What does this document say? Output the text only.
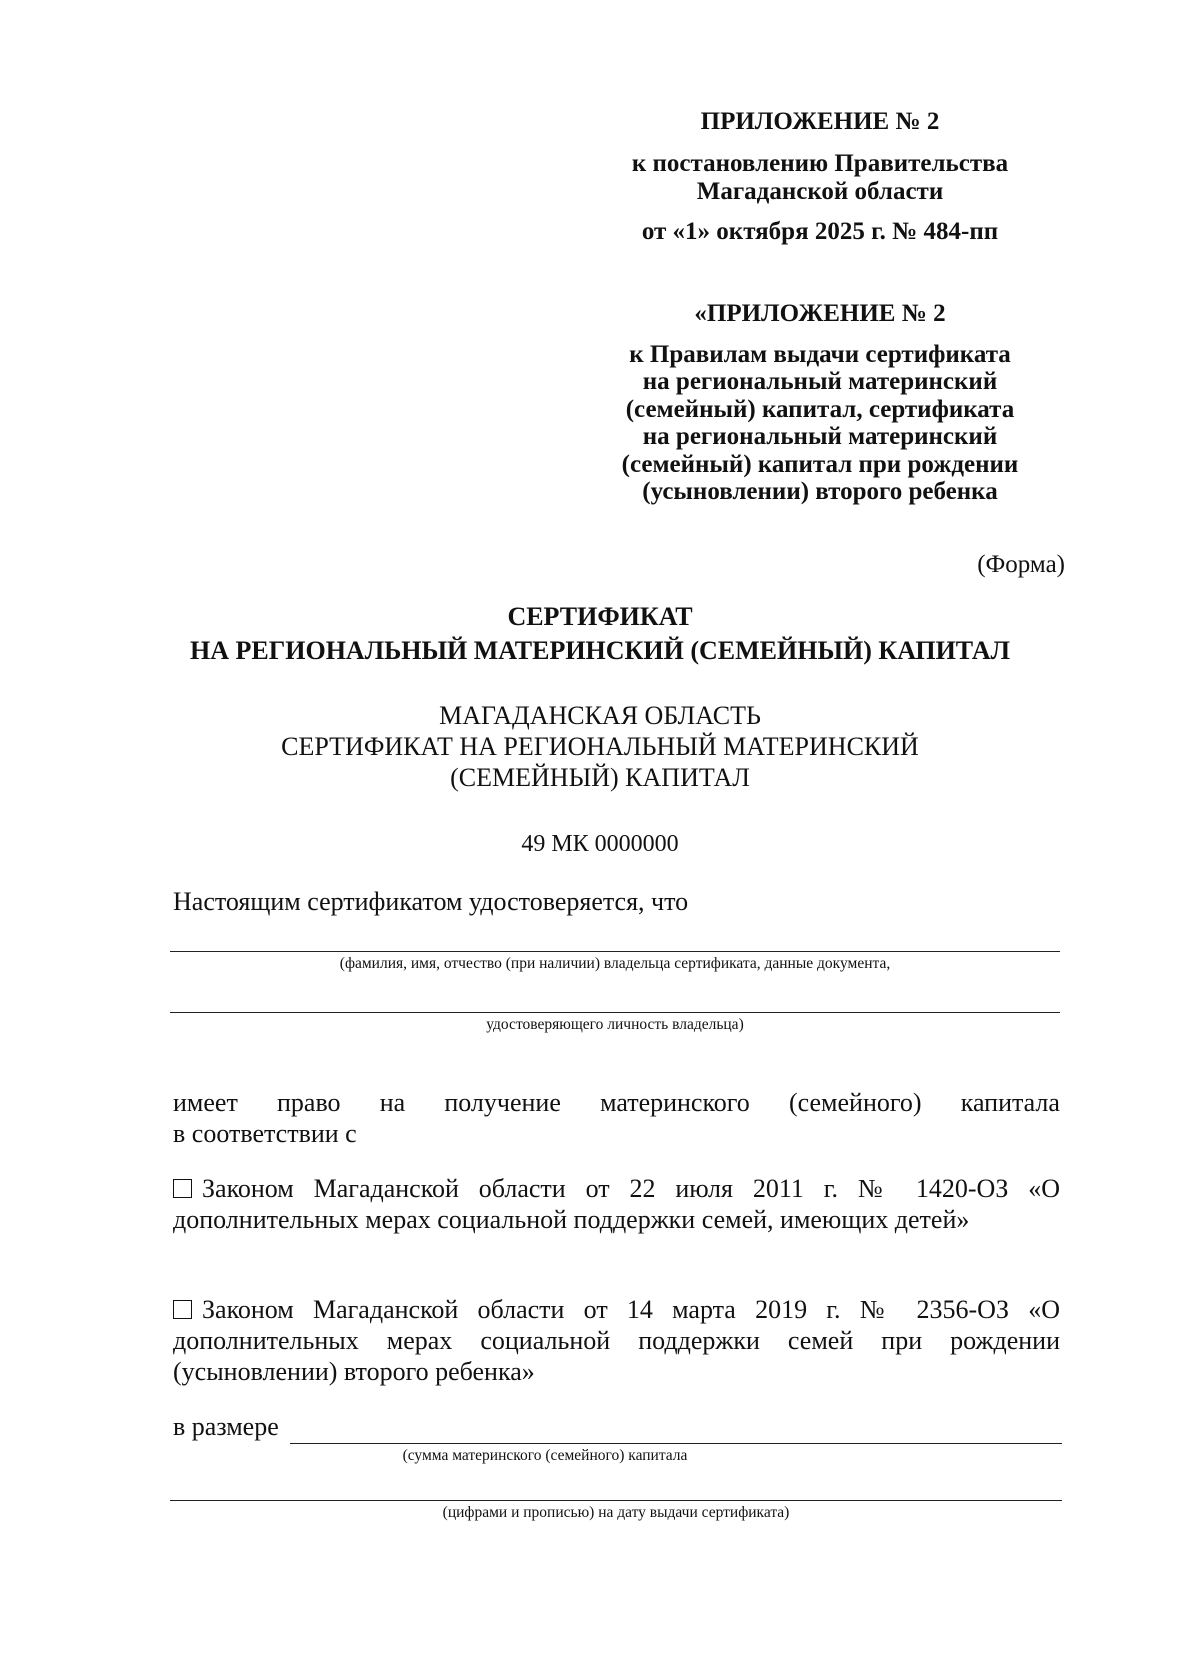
ПРИЛОЖЕНИЕ № 2
к постановлению Правительства
Магаданской области
от «1» октября 2025 г. № 484-пп
«ПРИЛОЖЕНИЕ № 2
к Правилам выдачи сертификата
на региональный материнский
(семейный) капитал, сертификата
на региональный материнский
(семейный) капитал при рождении
(усыновлении) второго ребенка
(Форма)
СЕРТИФИКАТ
НА РЕГИОНАЛЬНЫЙ МАТЕРИНСКИЙ (СЕМЕЙНЫЙ) КАПИТАЛ
МАГАДАНСКАЯ ОБЛАСТЬ
СЕРТИФИКАТ НА РЕГИОНАЛЬНЫЙ МАТЕРИНСКИЙ
(СЕМЕЙНЫЙ) КАПИТАЛ
49 МК 0000000
Настоящим сертификатом удостоверяется, что
(фамилия, имя, отчество (при наличии) владельца сертификата, данные документа,
удостоверяющего личность владельца)
имеет право на получение материнского (семейного) капитала
в соответствии с
Законом Магаданской области от 22 июля 2011 г. № 1420-ОЗ «О дополнительных мерах социальной поддержки семей, имеющих детей»
Законом Магаданской области от 14 марта 2019 г. № 2356-ОЗ «О дополнительных мерах социальной поддержки семей при рождении (усыновлении) второго ребенка»
в размере
(сумма материнского (семейного) капитала
(цифрами и прописью) на дату выдачи сертификата)
